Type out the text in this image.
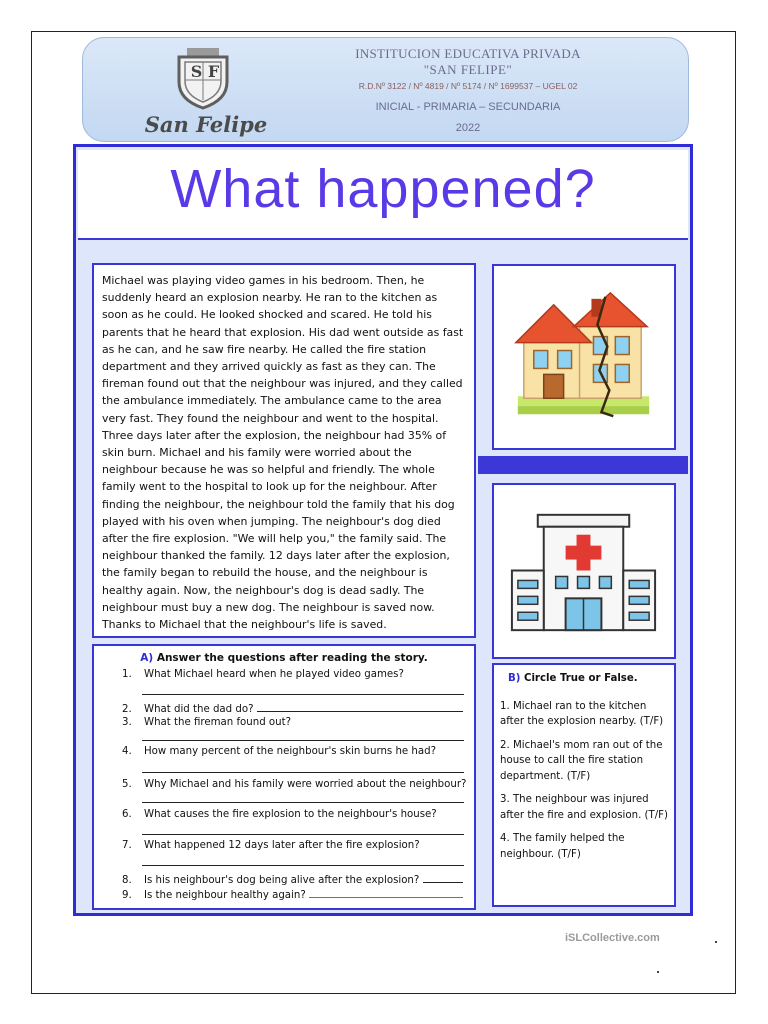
S F
San Felipe
INSTITUCION EDUCATIVA PRIVADA
"SAN FELIPE"
R.D.Nº 3122 / Nº 4819 / Nº 5174 / Nº 1699537 – UGEL 02
INICIAL - PRIMARIA – SECUNDARIA
2022
What happened?
Michael was playing video games in his bedroom. Then, he suddenly heard an explosion nearby. He ran to the kitchen as soon as he could. He looked shocked and scared. He told his parents that he heard that explosion. His dad went outside as fast as he can, and he saw fire nearby. He called the fire station department and they arrived quickly as fast as they can. The fireman found out that the neighbour was injured, and they called the ambulance immediately. The ambulance came to the area very fast. They found the neighbour and went to the hospital. Three days later after the explosion, the neighbour had 35% of skin burn. Michael and his family were worried about the neighbour because he was so helpful and friendly. The whole family went to the hospital to look up for the neighbour. After finding the neighbour, the neighbour told the family that his dog played with his oven when jumping. The neighbour's dog died after the fire explosion. "We will help you," the family said. The neighbour thanked the family. 12 days later after the explosion, the family began to rebuild the house, and the neighbour is healthy again. Now, the neighbour's dog is dead sadly. The neighbour must buy a new dog. The neighbour is saved now. Thanks to Michael that the neighbour's life is saved.
A) Answer the questions after reading the story.
1. What Michael heard when he played video games?
2. What did the dad do?
3. What the fireman found out?
4. How many percent of the neighbour's skin burns he had?
5. Why Michael and his family were worried about the neighbour?
6. What causes the fire explosion to the neighbour's house?
7. What happened 12 days later after the fire explosion?
8. Is his neighbour's dog being alive after the explosion?
9. Is the neighbour healthy again?
B) Circle True or False.
1. Michael ran to the kitchen after the explosion nearby. (T/F)
2. Michael's mom ran out of the house to call the fire station department. (T/F)
3. The neighbour was injured after the fire and explosion. (T/F)
4. The family helped the neighbour. (T/F)
iSLCollective.com
